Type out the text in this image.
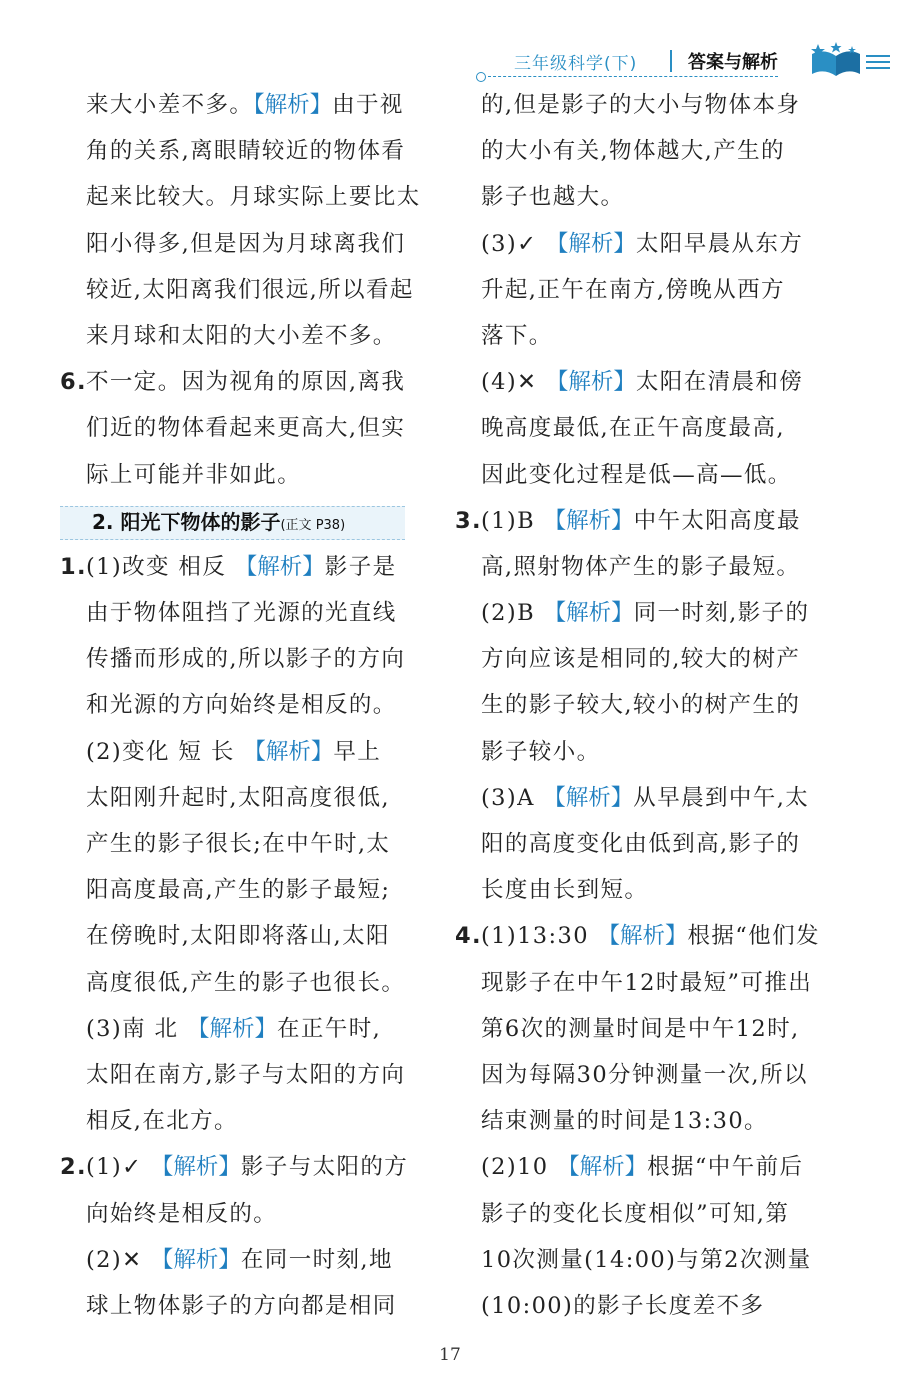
三年级科学(下)	答案与解析
来大小差不多。【解析】由于视
角的关系,离眼睛较近的物体看
起来比较大。月球实际上要比太
阳小得多,但是因为月球离我们
较近,太阳离我们很远,所以看起
来月球和太阳的大小差不多。
6.不一定。因为视角的原因,离我
们近的物体看起来更高大,但实
际上可能并非如此。
2. 阳光下物体的影子(正文 P38)
1.(1)改变 相反 【解析】影子是
由于物体阻挡了光源的光直线
传播而形成的,所以影子的方向
和光源的方向始终是相反的。
(2)变化 短 长 【解析】早上
太阳刚升起时,太阳高度很低,
产生的影子很长;在中午时,太
阳高度最高,产生的影子最短;
在傍晚时,太阳即将落山,太阳
高度很低,产生的影子也很长。
(3)南 北 【解析】在正午时,
太阳在南方,影子与太阳的方向
相反,在北方。
2.(1)✓ 【解析】影子与太阳的方
向始终是相反的。
(2)✕ 【解析】在同一时刻,地
球上物体影子的方向都是相同
的,但是影子的大小与物体本身
的大小有关,物体越大,产生的
影子也越大。
(3)✓ 【解析】太阳早晨从东方
升起,正午在南方,傍晚从西方
落下。
(4)✕ 【解析】太阳在清晨和傍
晚高度最低,在正午高度最高,
因此变化过程是低—高—低。
3.(1)B 【解析】中午太阳高度最
高,照射物体产生的影子最短。
(2)B 【解析】同一时刻,影子的
方向应该是相同的,较大的树产
生的影子较大,较小的树产生的
影子较小。
(3)A 【解析】从早晨到中午,太
阳的高度变化由低到高,影子的
长度由长到短。
4.(1)13:30 【解析】根据“他们发
现影子在中午12时最短”可推出
第6次的测量时间是中午12时,
因为每隔30分钟测量一次,所以
结束测量的时间是13:30。
(2)10 【解析】根据“中午前后
影子的变化长度相似”可知,第
10次测量(14:00)与第2次测量
(10:00)的影子长度差不多
17
